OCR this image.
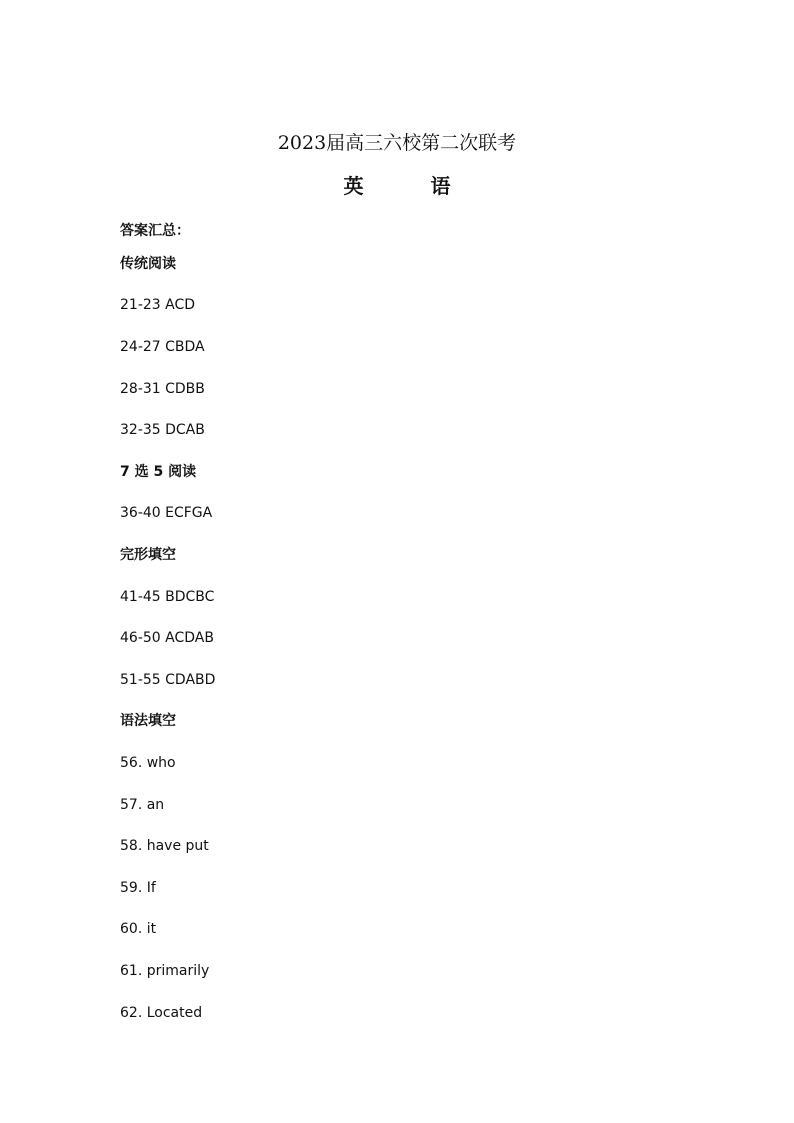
2023届高三六校第二次联考
英 语
答案汇总：
传统阅读
21-23 ACD
24-27 CBDA
28-31 CDBB
32-35 DCAB
7 选 5 阅读
36-40 ECFGA
完形填空
41-45 BDCBC
46-50 ACDAB
51-55 CDABD
语法填空
56. who
57. an
58. have put
59. If
60. it
61. primarily
62. Located
